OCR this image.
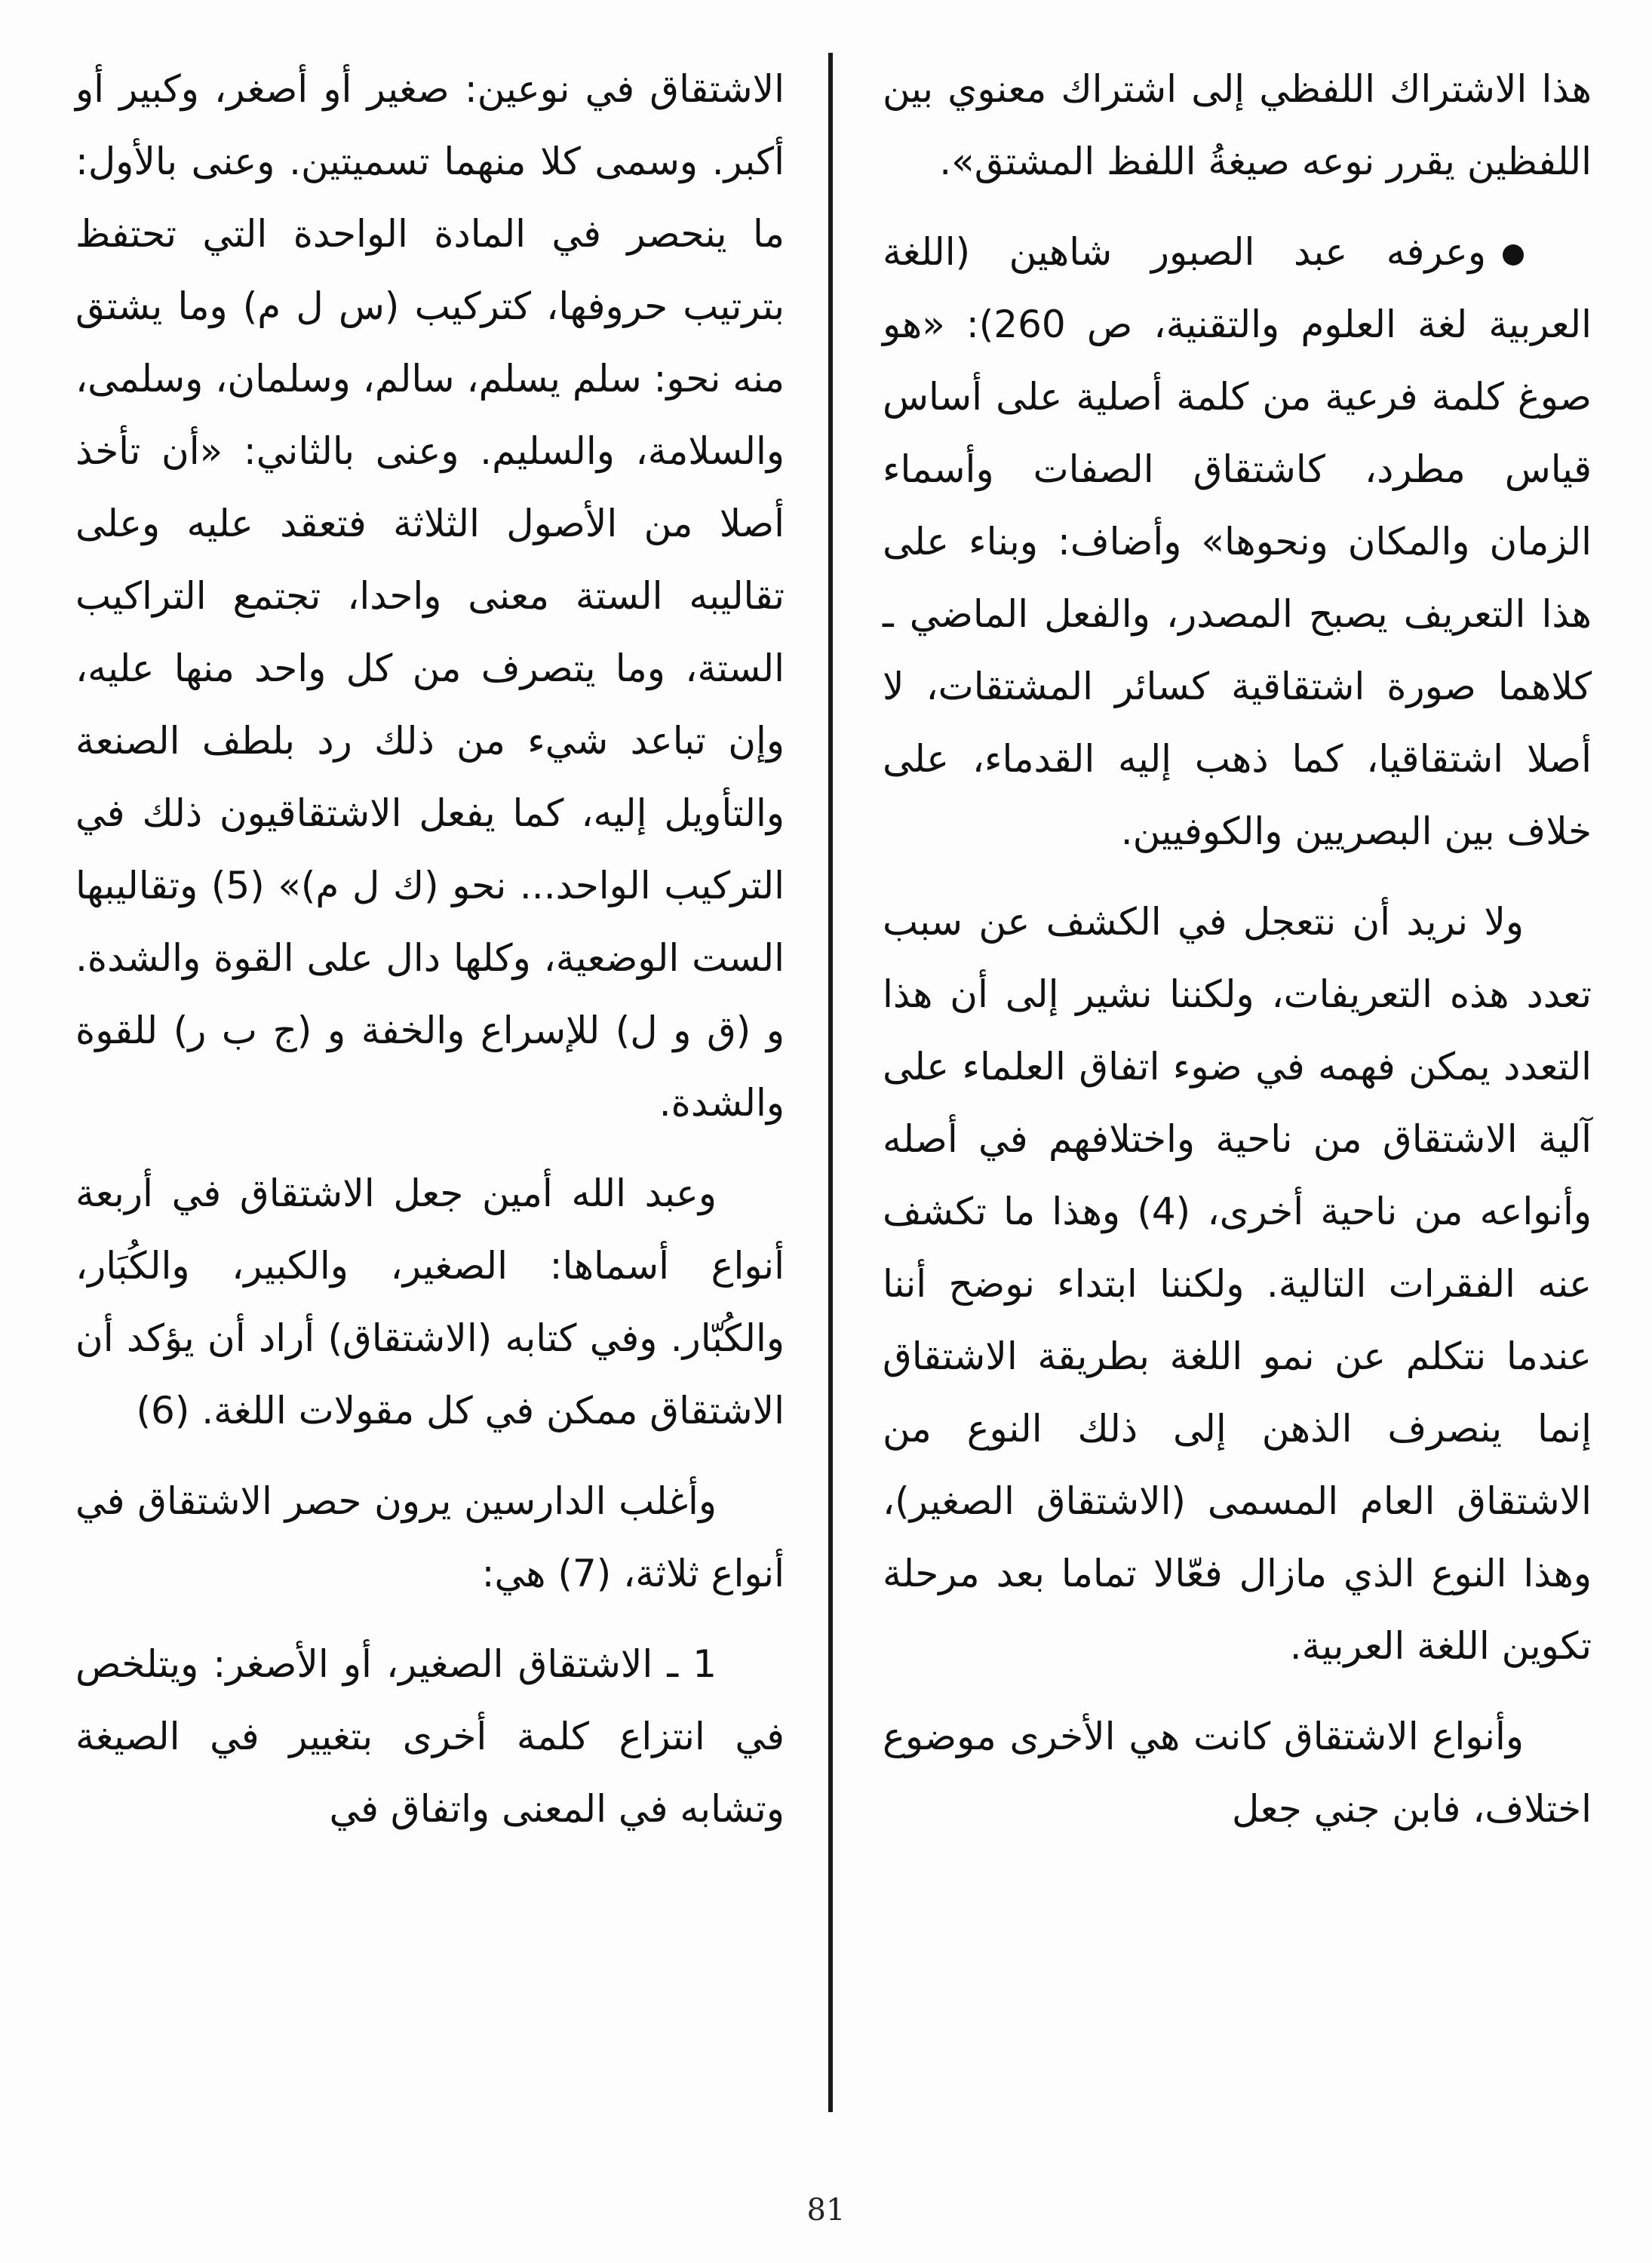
هذا الاشتراك اللفظي إلى اشتراك معنوي بين اللفظين يقرر نوعه صيغةُ اللفظ المشتق».

وعرفه عبد الصبور شاهين (اللغة العربية لغة العلوم والتقنية، ص 260): «هو صوغ كلمة فرعية من كلمة أصلية على أساس قياس مطرد، كاشتقاق الصفات وأسماء الزمان والمكان ونحوها» وأضاف: وبناء على هذا التعريف يصبح المصدر، والفعل الماضي ـ كلاهما صورة اشتقاقية كسائر المشتقات، لا أصلا اشتقاقيا، كما ذهب إليه القدماء، على خلاف بين البصريين والكوفيين.

ولا نريد أن نتعجل في الكشف عن سبب تعدد هذه التعريفات، ولكننا نشير إلى أن هذا التعدد يمكن فهمه في ضوء اتفاق العلماء على آلية الاشتقاق من ناحية واختلافهم في أصله وأنواعه من ناحية أخرى، (4) وهذا ما تكشف عنه الفقرات التالية. ولكننا ابتداء نوضح أننا عندما نتكلم عن نمو اللغة بطريقة الاشتقاق إنما ينصرف الذهن إلى ذلك النوع من الاشتقاق العام المسمى (الاشتقاق الصغير)، وهذا النوع الذي مازال فعّالا تماما بعد مرحلة تكوين اللغة العربية.

وأنواع الاشتقاق كانت هي الأخرى موضوع اختلاف، فابن جني جعل

الاشتقاق في نوعين: صغير أو أصغر، وكبير أو أكبر. وسمى كلا منهما تسميتين. وعنى بالأول: ما ينحصر في المادة الواحدة التي تحتفظ بترتيب حروفها، كتركيب (س ل م) وما يشتق منه نحو: سلم يسلم، سالم، وسلمان، وسلمى، والسلامة، والسليم. وعنى بالثاني: «أن تأخذ أصلا من الأصول الثلاثة فتعقد عليه وعلى تقاليبه الستة معنى واحدا، تجتمع التراكيب الستة، وما يتصرف من كل واحد منها عليه، وإن تباعد شيء من ذلك رد بلطف الصنعة والتأويل إليه، كما يفعل الاشتقاقيون ذلك في التركيب الواحد... نحو (ك ل م)» (5) وتقاليبها الست الوضعية، وكلها دال على القوة والشدة. و (ق و ل) للإسراع والخفة و (ج ب ر) للقوة والشدة.

وعبد الله أمين جعل الاشتقاق في أربعة أنواع أسماها: الصغير، والكبير، والكُبَار، والكُبّار. وفي كتابه (الاشتقاق) أراد أن يؤكد أن الاشتقاق ممكن في كل مقولات اللغة. (6)

وأغلب الدارسين يرون حصر الاشتقاق في أنواع ثلاثة، (7) هي:

1 ـ الاشتقاق الصغير، أو الأصغر: ويتلخص في انتزاع كلمة أخرى بتغيير في الصيغة وتشابه في المعنى واتفاق في

81
